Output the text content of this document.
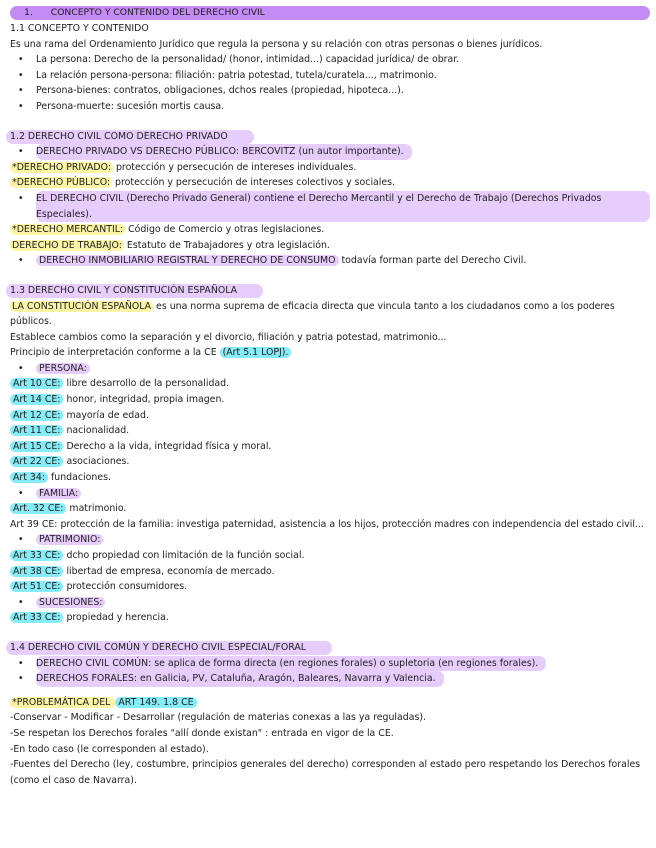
1. CONCEPTO Y CONTENIDO DEL DERECHO CIVIL
1.1 CONCEPTO Y CONTENIDO
Es una rama del Ordenamiento Jurídico que regula la persona y su relación con otras personas o bienes jurídicos.
• La persona: Derecho de la personalidad/ (honor, intimidad...) capacidad jurídica/ de obrar.
• La relación persona-persona: filiación: patria potestad, tutela/curatela..., matrimonio.
• Persona-bienes: contratos, obligaciones, dchos reales (propiedad, hipoteca...).
• Persona-muerte: sucesión mortis causa.
1.2 DERECHO CIVIL COMO DERECHO PRIVADO
• DERECHO PRIVADO VS DERECHO PÚBLICO: BERCOVITZ (un autor importante).
*DERECHO PRIVADO: protección y persecución de intereses individuales.
*DERECHO PÚBLICO: protección y persecución de intereses colectivos y sociales.
• EL DERECHO CIVIL (Derecho Privado General) contiene el Derecho Mercantil y el Derecho de Trabajo (Derechos Privados Especiales).
*DERECHO MERCANTIL: Código de Comercio y otras legislaciones.
DERECHO DE TRABAJO: Estatuto de Trabajadores y otra legislación.
• DERECHO INMOBILIARIO REGISTRAL Y DERECHO DE CONSUMO todavía forman parte del Derecho Civil.
1.3 DERECHO CIVIL Y CONSTITUCIÓN ESPAÑOLA
LA CONSTITUCIÓN ESPAÑOLA es una norma suprema de eficacia directa que vincula tanto a los ciudadanos como a los poderes públicos.
Establece cambios como la separación y el divorcio, filiación y patria potestad, matrimonio...
Principio de interpretación conforme a la CE (Art 5.1 LOPJ).
• PERSONA:
Art 10 CE: libre desarrollo de la personalidad.
Art 14 CE: honor, integridad, propia imagen.
Art 12 CE: mayoría de edad.
Art 11 CE: nacionalidad.
Art 15 CE: Derecho a la vida, integridad física y moral.
Art 22 CE: asociaciones.
Art 34: fundaciones.
• FAMILIA:
Art. 32 CE: matrimonio.
Art 39 CE: protección de la familia: investiga paternidad, asistencia a los hijos, protección madres con independencia del estado civil...
• PATRIMONIO:
Art 33 CE: dcho propiedad con limitación de la función social.
Art 38 CE: libertad de empresa, economía de mercado.
Art 51 CE: protección consumidores.
• SUCESIONES:
Art 33 CE: propiedad y herencia.
1.4 DERECHO CIVIL COMÚN Y DERECHO CIVIL ESPECIAL/FORAL
• DERECHO CIVIL COMÚN: se aplica de forma directa (en regiones forales) o supletoria (en regiones forales).
• DERECHOS FORALES: en Galicia, PV, Cataluña, Aragón, Baleares, Navarra y Valencia.
*PROBLEMÁTICA DEL ART 149. 1.8 CE
-Conservar - Modificar - Desarrollar (regulación de materias conexas a las ya reguladas).
-Se respetan los Derechos forales "allí donde existan" : entrada en vigor de la CE.
-En todo caso (le corresponden al estado).
-Fuentes del Derecho (ley, costumbre, principios generales del derecho) corresponden al estado pero respetando los Derechos forales (como el caso de Navarra).
